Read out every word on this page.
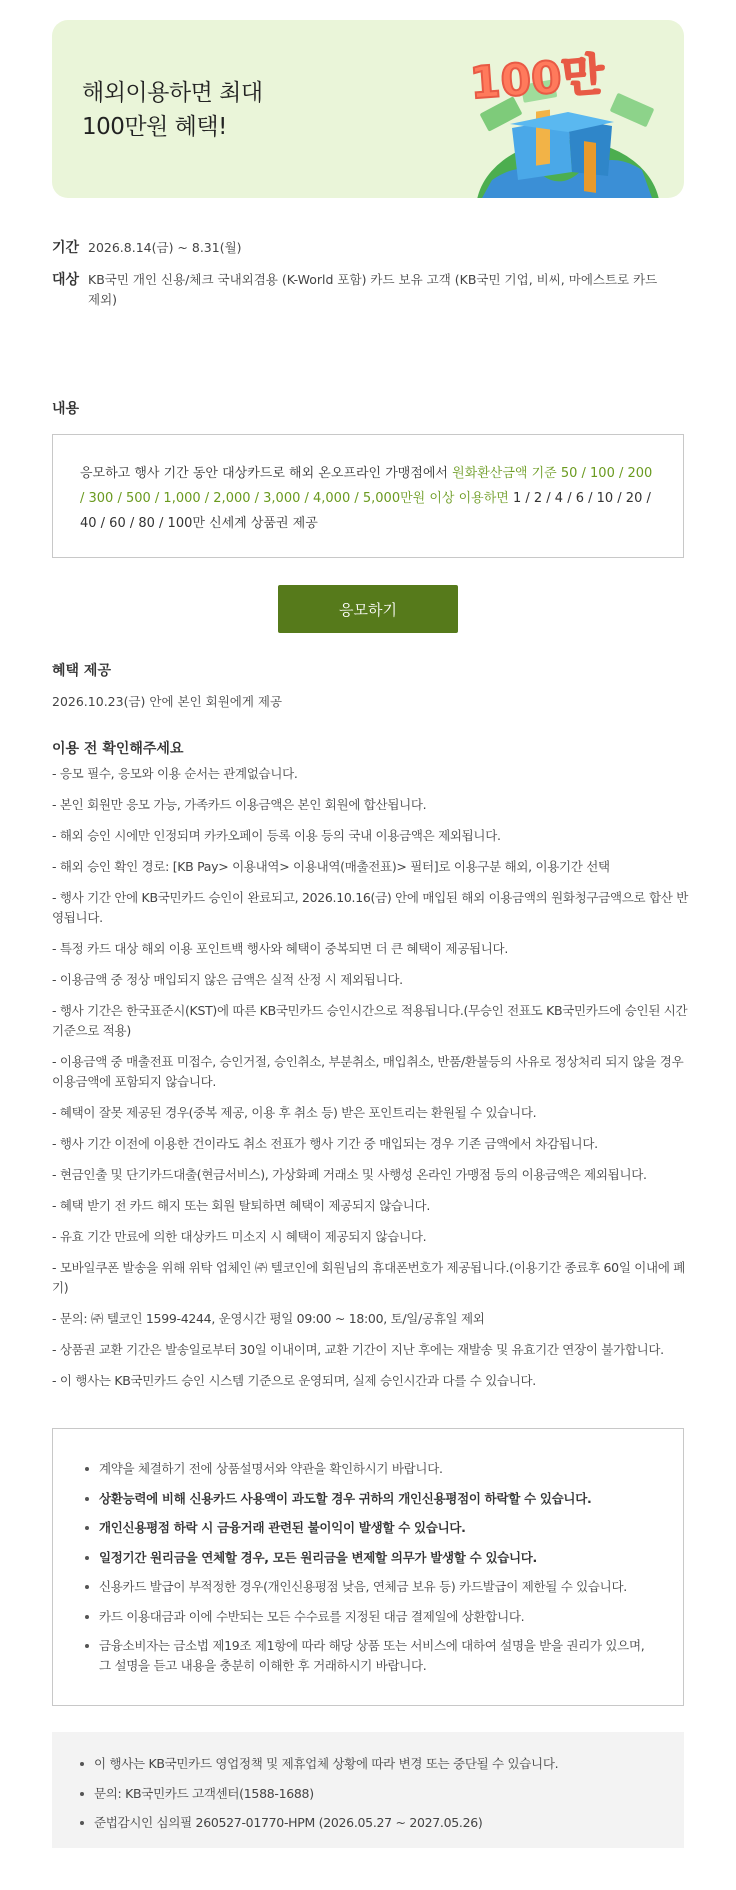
해외이용하면 최대
100만원 혜택!
100만
기간 2026.8.14(금) ~ 8.31(월)
대상 KB국민 개인 신용/체크 국내외겸용 (K-World 포함) 카드 보유 고객 (KB국민 기업, 비씨, 마에스트로 카드 제외)
내용
응모하고 행사 기간 동안 대상카드로 해외 온오프라인 가맹점에서 원화환산금액 기준 50 / 100 / 200 / 300 / 500 / 1,000 / 2,000 / 3,000 / 4,000 / 5,000만원 이상 이용하면 1 / 2 / 4 / 6 / 10 / 20 / 40 / 60 / 80 / 100만 신세계 상품권 제공
응모하기
혜택 제공
2026.10.23(금) 안에 본인 회원에게 제공
이용 전 확인해주세요
- 응모 필수, 응모와 이용 순서는 관계없습니다.
- 본인 회원만 응모 가능, 가족카드 이용금액은 본인 회원에 합산됩니다.
- 해외 승인 시에만 인정되며 카카오페이 등록 이용 등의 국내 이용금액은 제외됩니다.
- 해외 승인 확인 경로: [KB Pay> 이용내역> 이용내역(매출전표)> 필터]로 이용구분 해외, 이용기간 선택
- 행사 기간 안에 KB국민카드 승인이 완료되고, 2026.10.16(금) 안에 매입된 해외 이용금액의 원화청구금액으로 합산 반영됩니다.
- 특정 카드 대상 해외 이용 포인트백 행사와 혜택이 중복되면 더 큰 혜택이 제공됩니다.
- 이용금액 중 정상 매입되지 않은 금액은 실적 산정 시 제외됩니다.
- 행사 기간은 한국표준시(KST)에 따른 KB국민카드 승인시간으로 적용됩니다.(무승인 전표도 KB국민카드에 승인된 시간 기준으로 적용)
- 이용금액 중 매출전표 미접수, 승인거절, 승인취소, 부분취소, 매입취소, 반품/환불등의 사유로 정상처리 되지 않을 경우 이용금액에 포함되지 않습니다.
- 혜택이 잘못 제공된 경우(중복 제공, 이용 후 취소 등) 받은 포인트리는 환원될 수 있습니다.
- 행사 기간 이전에 이용한 건이라도 취소 전표가 행사 기간 중 매입되는 경우 기존 금액에서 차감됩니다.
- 현금인출 및 단기카드대출(현금서비스), 가상화폐 거래소 및 사행성 온라인 가맹점 등의 이용금액은 제외됩니다.
- 혜택 받기 전 카드 해지 또는 회원 탈퇴하면 혜택이 제공되지 않습니다.
- 유효 기간 만료에 의한 대상카드 미소지 시 혜택이 제공되지 않습니다.
- 모바일쿠폰 발송을 위해 위탁 업체인 ㈜ 텔코인에 회원님의 휴대폰번호가 제공됩니다.(이용기간 종료후 60일 이내에 폐기)
- 문의: ㈜ 텔코인 1599-4244, 운영시간 평일 09:00 ~ 18:00, 토/일/공휴일 제외
- 상품권 교환 기간은 발송일로부터 30일 이내이며, 교환 기간이 지난 후에는 재발송 및 유효기간 연장이 불가합니다.
- 이 행사는 KB국민카드 승인 시스템 기준으로 운영되며, 실제 승인시간과 다를 수 있습니다.
계약을 체결하기 전에 상품설명서와 약관을 확인하시기 바랍니다.
상환능력에 비해 신용카드 사용액이 과도할 경우 귀하의 개인신용평점이 하락할 수 있습니다.
개인신용평점 하락 시 금융거래 관련된 불이익이 발생할 수 있습니다.
일정기간 원리금을 연체할 경우, 모든 원리금을 변제할 의무가 발생할 수 있습니다.
신용카드 발급이 부적정한 경우(개인신용평점 낮음, 연체금 보유 등) 카드발급이 제한될 수 있습니다.
카드 이용대금과 이에 수반되는 모든 수수료를 지정된 대금 결제일에 상환합니다.
금융소비자는 금소법 제19조 제1항에 따라 해당 상품 또는 서비스에 대하여 설명을 받을 권리가 있으며, 그 설명을 듣고 내용을 충분히 이해한 후 거래하시기 바랍니다.
이 행사는 KB국민카드 영업정책 및 제휴업체 상황에 따라 변경 또는 중단될 수 있습니다.
문의: KB국민카드 고객센터(1588-1688)
준법감시인 심의필 260527-01770-HPM (2026.05.27 ~ 2027.05.26)
